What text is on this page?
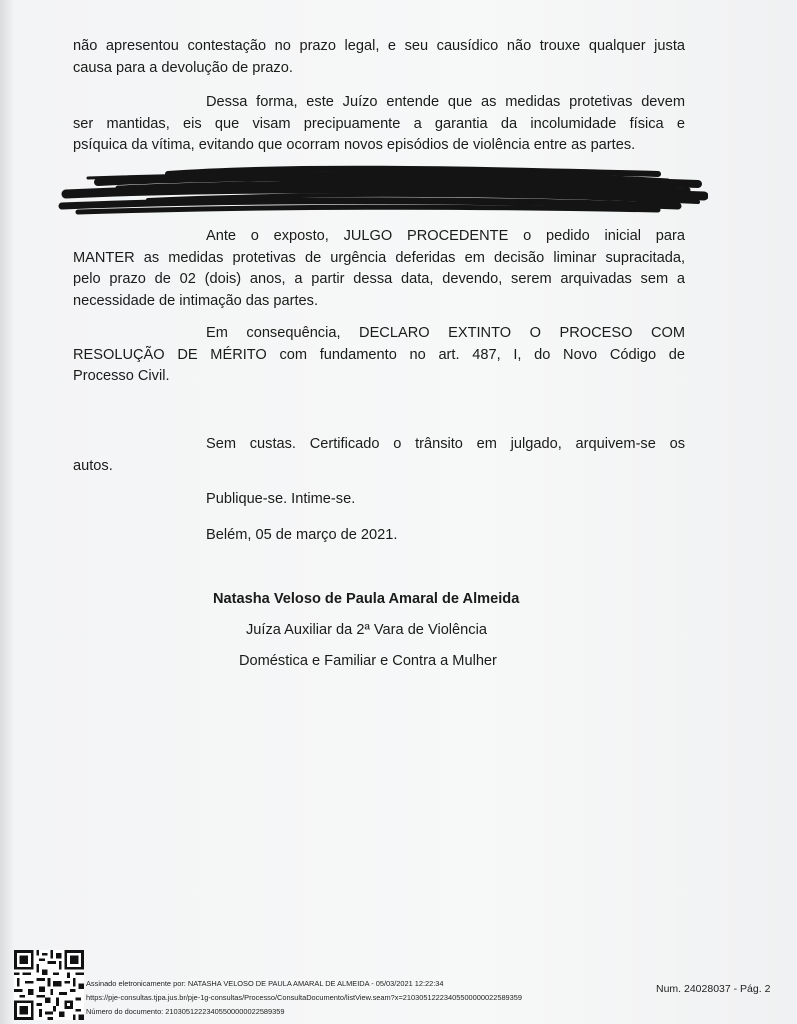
não apresentou contestação no prazo legal, e seu causídico não trouxe qualquer justa
causa para a devolução de prazo.
Dessa forma, este Juízo entende que as medidas protetivas devem
ser mantidas, eis que visam precipuamente a garantia da incolumidade física e
psíquica da vítima, evitando que ocorram novos episódios de violência entre as partes.
Ante o exposto, JULGO PROCEDENTE o pedido inicial para
MANTER as medidas protetivas de urgência deferidas em decisão liminar supracitada,
pelo prazo de 02 (dois) anos, a partir dessa data, devendo, serem arquivadas sem a
necessidade de intimação das partes.
Em consequência, DECLARO EXTINTO O PROCESO COM
RESOLUÇÃO DE MÉRITO com fundamento no art. 487, I, do Novo Código de
Processo Civil.
Sem custas. Certificado o trânsito em julgado, arquivem-se os
autos.
Publique-se. Intime-se.
Belém, 05 de março de 2021.
Natasha Veloso de Paula Amaral de Almeida
Juíza Auxiliar da 2ª Vara de Violência
Doméstica e Familiar e Contra a Mulher
Assinado eletronicamente por: NATASHA VELOSO DE PAULA AMARAL DE ALMEIDA - 05/03/2021 12:22:34
https://pje-consultas.tjpa.jus.br/pje-1g-consultas/Processo/ConsultaDocumento/listView.seam?x=21030512223405500000022589359
Número do documento: 21030512223405500000022589359
Num. 24028037 - Pág. 2
